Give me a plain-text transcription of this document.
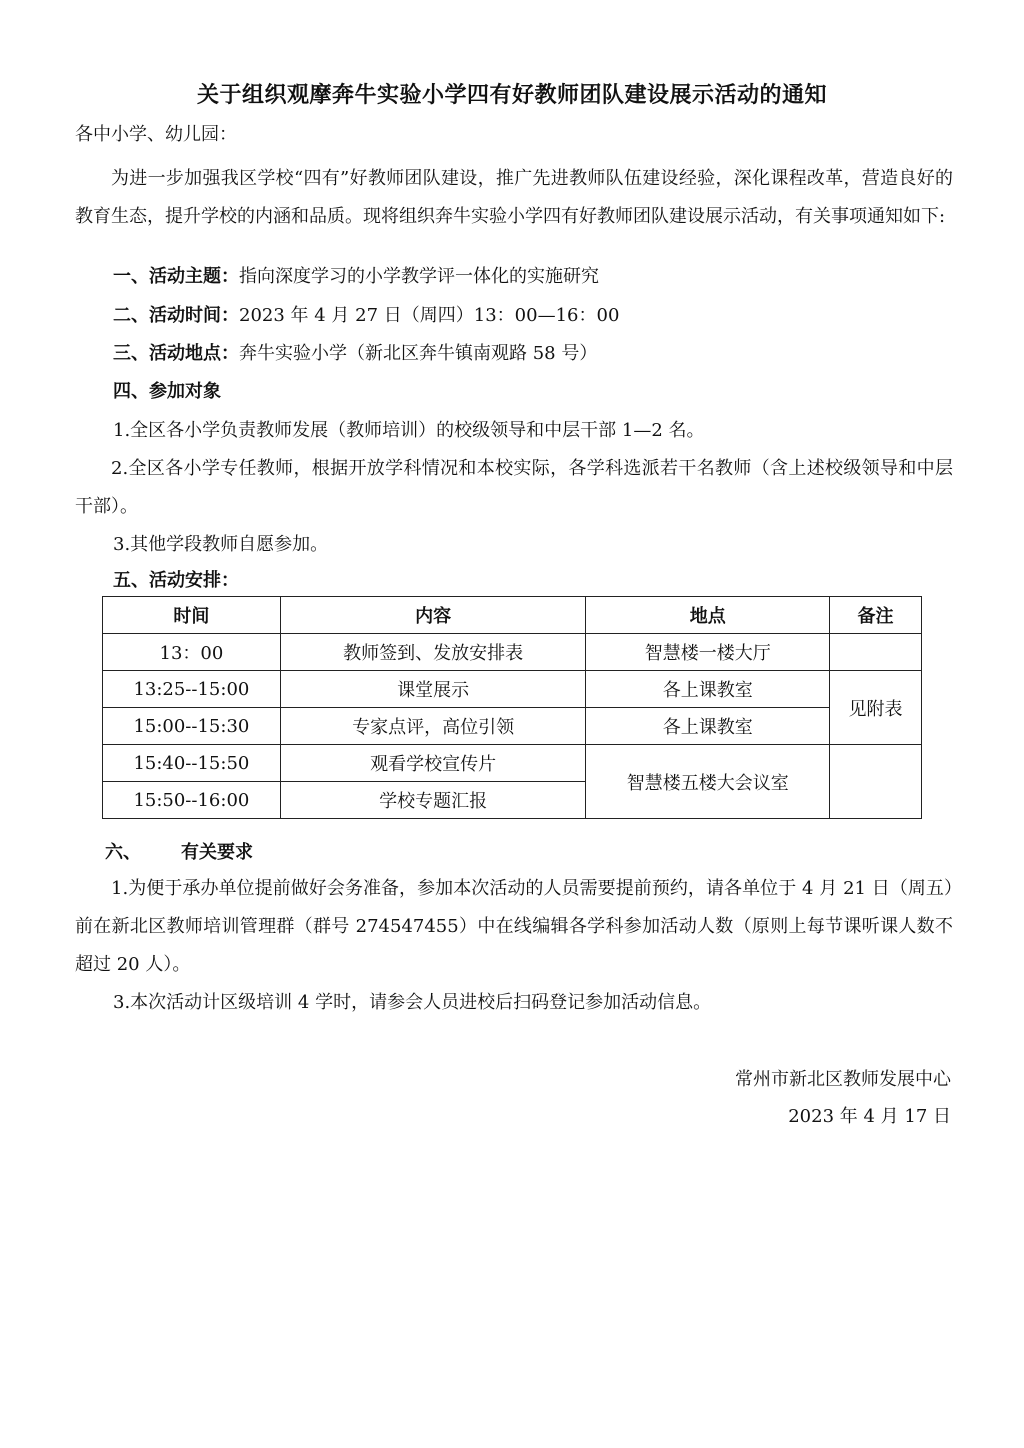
关于组织观摩奔牛实验小学四有好教师团队建设展示活动的通知
各中小学、幼儿园：
为进一步加强我区学校“四有”好教师团队建设，推广先进教师队伍建设经验，深化课程改革，营造良好的教育生态，提升学校的内涵和品质。现将组织奔牛实验小学四有好教师团队建设展示活动，有关事项通知如下:
一、活动主题：指向深度学习的小学教学评一体化的实施研究
二、活动时间：2023 年 4 月 27 日（周四）13：00—16：00
三、活动地点：奔牛实验小学（新北区奔牛镇南观路 58 号）
四、参加对象
1.全区各小学负责教师发展（教师培训）的校级领导和中层干部 1—2 名。
2.全区各小学专任教师，根据开放学科情况和本校实际，各学科选派若干名教师（含上述校级领导和中层干部）。
3.其他学段教师自愿参加。
五、活动安排：
时间	内容	地点	备注
13：00	教师签到、发放安排表	智慧楼一楼大厅	
13:25--15:00	课堂展示	各上课教室	见附表
15:00--15:30	专家点评，高位引领	各上课教室	
15:40--15:50	观看学校宣传片	智慧楼五楼大会议室	
15:50--16:00	学校专题汇报		
六、 有关要求
1.为便于承办单位提前做好会务准备，参加本次活动的人员需要提前预约，请各单位于 4 月 21 日（周五）前在新北区教师培训管理群（群号 274547455）中在线编辑各学科参加活动人数（原则上每节课听课人数不超过 20 人）。
3.本次活动计区级培训 4 学时，请参会人员进校后扫码登记参加活动信息。
常州市新北区教师发展中心
2023 年 4 月 17 日
